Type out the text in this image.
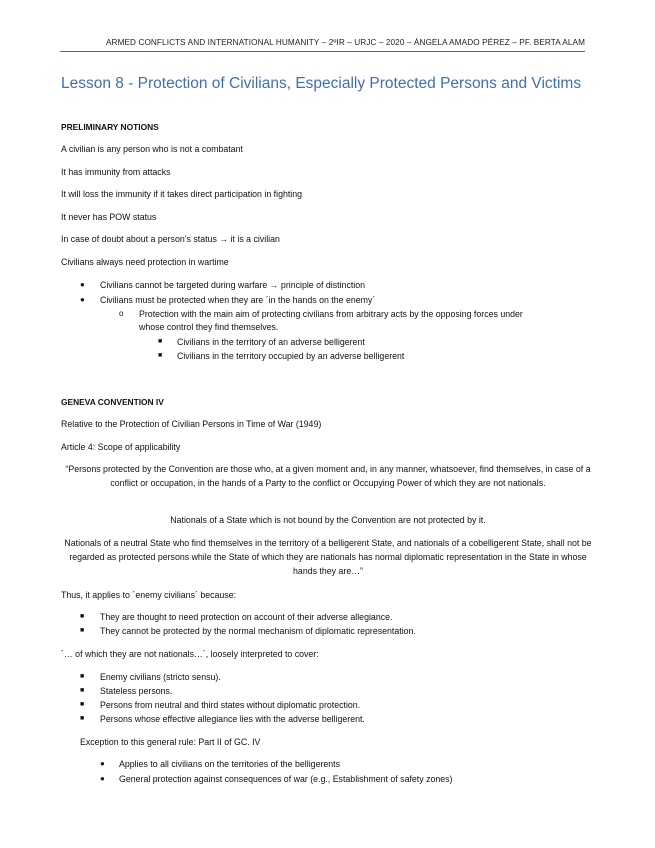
ARMED CONFLICTS AND INTERNATIONAL HUMANITY – 2ºIR – URJC – 2020 – ÁNGELA AMADO PÉREZ – PF. BERTA ALAM
Lesson 8 - Protection of Civilians, Especially Protected Persons and Victims
PRELIMINARY NOTIONS
A civilian is any person who is not a combatant
It has immunity from attacks
It will loss the immunity if it takes direct participation in fighting
It never has POW status
In case of doubt about a person’s status → it is a civilian
Civilians always need protection in wartime
● Civilians cannot be targeted during warfare → principle of distinction
● Civilians must be protected when they are ´in the hands on the enemy´
o Protection with the main aim of protecting civilians from arbitrary acts by the opposing forces under
whose control they find themselves.
■ Civilians in the territory of an adverse belligerent
■ Civilians in the territory occupied by an adverse belligerent
GENEVA CONVENTION IV
Relative to the Protection of Civilian Persons in Time of War (1949)
Article 4: Scope of applicability
“Persons protected by the Convention are those who, at a given moment and, in any manner, whatsoever, find themselves, in case of a conflict or occupation, in the hands of a Party to the conflict or Occupying Power of which they are not nationals.
Nationals of a State which is not bound by the Convention are not protected by it.
Nationals of a neutral State who find themselves in the territory of a belligerent State, and nationals of a cobelligerent State, shall not be regarded as protected persons while the State of which they are nationals has normal diplomatic representation in the State in whose hands they are…”
Thus, it applies to ´enemy civilians´ because:
■ They are thought to need protection on account of their adverse allegiance.
■ They cannot be protected by the normal mechanism of diplomatic representation.
´… of which they are not nationals…´, loosely interpreted to cover:
■ Enemy civilians (stricto sensu).
■ Stateless persons.
■ Persons from neutral and third states without diplomatic protection.
■ Persons whose effective allegiance lies with the adverse belligerent.
Exception to this general rule: Part II of GC. IV
● Applies to all civilians on the territories of the belligerents
● General protection against consequences of war (e.g., Establishment of safety zones)
